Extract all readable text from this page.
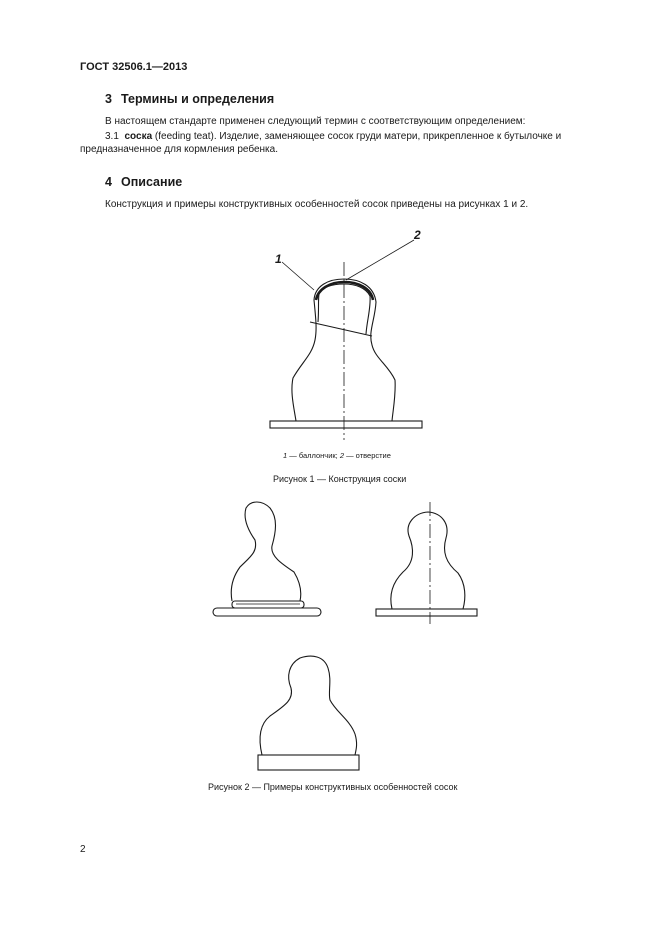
ГОСТ 32506.1—2013
3 Термины и определения
В настоящем стандарте применен следующий термин с соответствующим определением:
3.1 соска (feeding teat). Изделие, заменяющее сосок груди матери, прикрепленное к бутылочке и
предназначенное для кормления ребенка.
4 Описание
Конструкция и примеры конструктивных особенностей сосок приведены на рисунках 1 и 2.
1
2
1 — баллончик; 2 — отверстие
Рисунок 1 — Конструкция соски
Рисунок 2 — Примеры конструктивных особенностей сосок
2
